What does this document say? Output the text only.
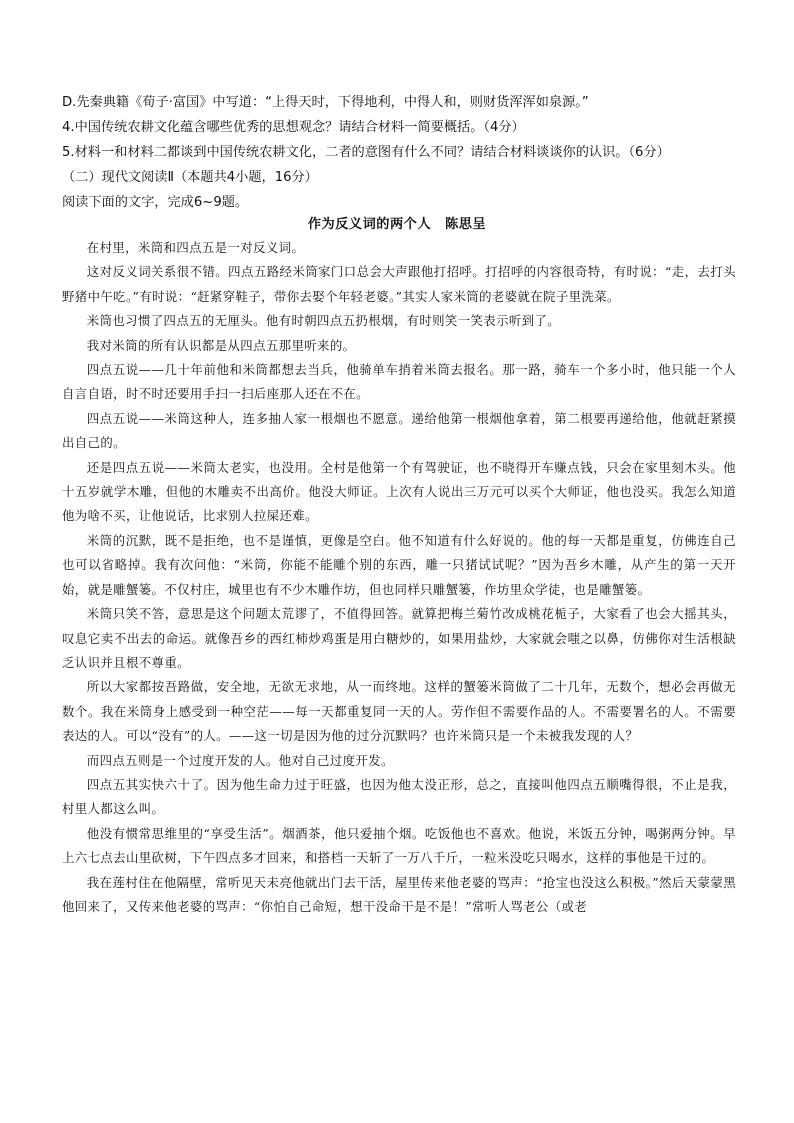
D.先秦典籍《荀子·富国》中写道：“上得天时，下得地利，中得人和，则财货浑浑如泉源。”

4.中国传统农耕文化蕴含哪些优秀的思想观念？请结合材料一简要概括。（4分）

5.材料一和材料二都谈到中国传统农耕文化，二者的意图有什么不同？请结合材料谈谈你的认识。（6分）

（二）现代文阅读Ⅱ（本题共4小题，16分）

阅读下面的文字，完成6~9题。

作为反义词的两个人 陈思呈

在村里，米筒和四点五是一对反义词。

这对反义词关系很不错。四点五路经米筒家门口总会大声跟他打招呼。打招呼的内容很奇特，有时说：“走，去打头野猪中午吃。”有时说：“赶紧穿鞋子，带你去娶个年轻老婆。”其实人家米筒的老婆就在院子里洗菜。

米筒也习惯了四点五的无厘头。他有时朝四点五扔根烟，有时则笑一笑表示听到了。

我对米筒的所有认识都是从四点五那里听来的。

四点五说——几十年前他和米筒都想去当兵，他骑单车捎着米筒去报名。那一路，骑车一个多小时，他只能一个人自言自语，时不时还要用手扫一扫后座那人还在不在。

四点五说——米筒这种人，连多抽人家一根烟也不愿意。递给他第一根烟他拿着，第二根要再递给他，他就赶紧摸出自己的。

还是四点五说——米筒太老实，也没用。全村是他第一个有驾驶证，也不晓得开车赚点钱，只会在家里刻木头。他十五岁就学木雕，但他的木雕卖不出高价。他没大师证。上次有人说出三万元可以买个大师证，他也没买。我怎么知道他为啥不买，让他说话，比求别人拉屎还难。

米筒的沉默，既不是拒绝，也不是谨慎，更像是空白。他不知道有什么好说的。他的每一天都是重复，仿佛连自己也可以省略掉。我有次问他：“米筒，你能不能雕个别的东西，雕一只猪试试呢？”因为吾乡木雕，从产生的第一天开始，就是雕蟹篓。不仅村庄，城里也有不少木雕作坊，但也同样只雕蟹篓，作坊里众学徒，也是雕蟹篓。

米筒只笑不答，意思是这个问题太荒谬了，不值得回答。就算把梅兰菊竹改成桃花栀子，大家看了也会大摇其头，叹息它卖不出去的命运。就像吾乡的西红柿炒鸡蛋是用白糖炒的，如果用盐炒，大家就会嗤之以鼻，仿佛你对生活根缺乏认识并且根不尊重。

所以大家都按吾路做，安全地，无欲无求地，从一而终地。这样的蟹篓米筒做了二十几年，无数个，想必会再做无数个。我在米筒身上感受到一种空茫——每一天都重复同一天的人。劳作但不需要作品的人。不需要署名的人。不需要表达的人。可以“没有”的人。——这一切是因为他的过分沉默吗？也许米筒只是一个未被我发现的人？

而四点五则是一个过度开发的人。他对自己过度开发。

四点五其实快六十了。因为他生命力过于旺盛，也因为他太没正形，总之，直接叫他四点五顺嘴得很，不止是我，村里人都这么叫。

他没有惯常思维里的“享受生活”。烟酒茶，他只爱抽个烟。吃饭他也不喜欢。他说，米饭五分钟，喝粥两分钟。早上六七点去山里砍树，下午四点多才回来，和搭档一天斩了一万八千斤，一粒米没吃只喝水，这样的事他是干过的。

我在莲村住在他隔壁，常听见天未亮他就出门去干活，屋里传来他老婆的骂声：“抢宝也没这么积极。”然后天蒙蒙黑他回来了，又传来他老婆的骂声：“你怕自己命短，想干没命干是不是！”常听人骂老公（或老
